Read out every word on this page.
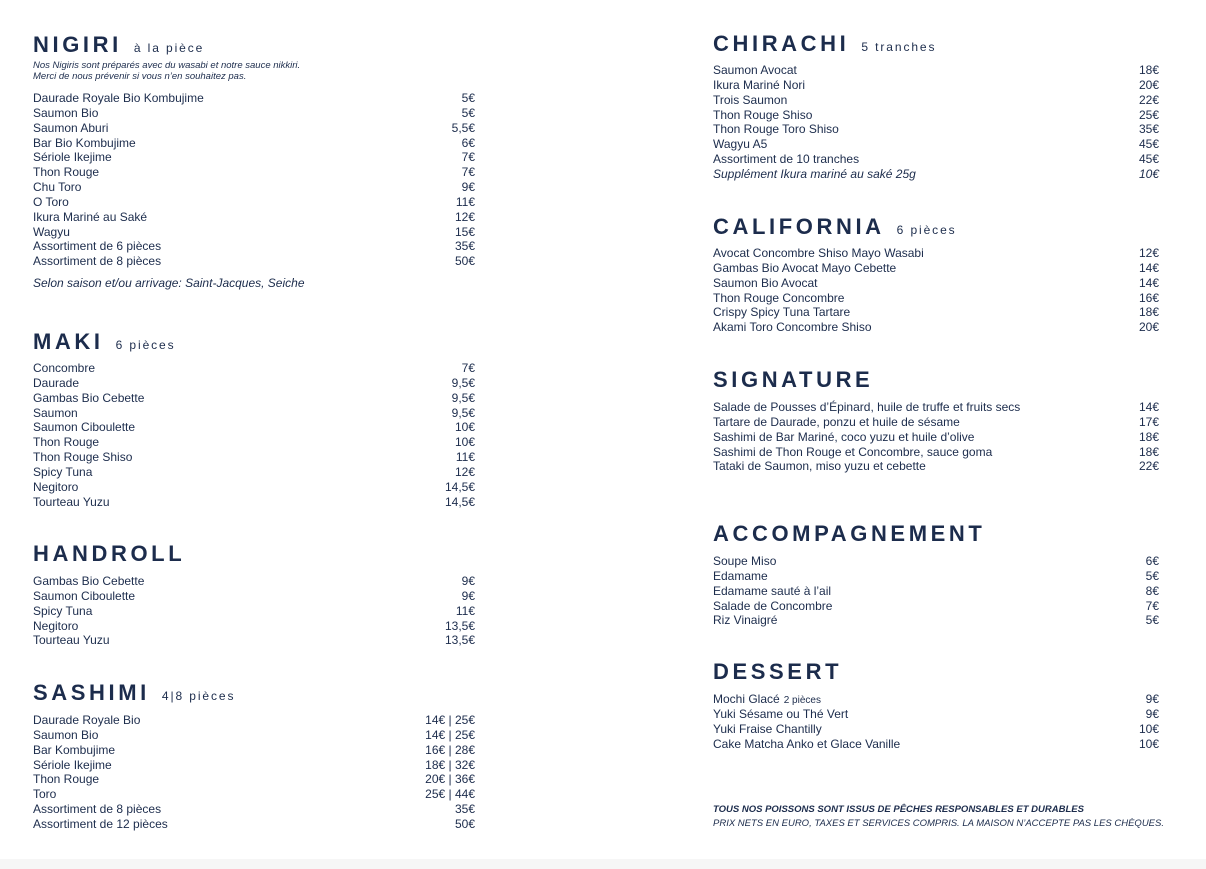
NIGIRI à la pièce
Nos Nigiris sont préparés avec du wasabi et notre sauce nikkiri.
Merci de nous prévenir si vous n’en souhaitez pas.
Daurade Royale Bio Kombujime	5€
Saumon Bio	5€
Saumon Aburi	5,5€
Bar Bio Kombujime	6€
Sériole Ikejime	7€
Thon Rouge	7€
Chu Toro	9€
O Toro	11€
Ikura Mariné au Saké	12€
Wagyu	15€
Assortiment de 6 pièces	35€
Assortiment de 8 pièces	50€
Selon saison et/ou arrivage: Saint-Jacques, Seiche
MAKI 6 pièces
Concombre	7€
Daurade	9,5€
Gambas Bio Cebette	9,5€
Saumon	9,5€
Saumon Ciboulette	10€
Thon Rouge	10€
Thon Rouge Shiso	11€
Spicy Tuna	12€
Negitoro	14,5€
Tourteau Yuzu	14,5€
HANDROLL
Gambas Bio Cebette	9€
Saumon Ciboulette	9€
Spicy Tuna	11€
Negitoro	13,5€
Tourteau Yuzu	13,5€
SASHIMI 4|8 pièces
Daurade Royale Bio	14€ | 25€
Saumon Bio	14€ | 25€
Bar Kombujime	16€ | 28€
Sériole Ikejime	18€ | 32€
Thon Rouge	20€ | 36€
Toro	25€ | 44€
Assortiment de 8 pièces	35€
Assortiment de 12 pièces	50€
CHIRACHI 5 tranches
Saumon Avocat	18€
Ikura Mariné Nori	20€
Trois Saumon	22€
Thon Rouge Shiso	25€
Thon Rouge Toro Shiso	35€
Wagyu A5	45€
Assortiment de 10 tranches	45€
Supplément Ikura mariné au saké 25g	10€
CALIFORNIA 6 pièces
Avocat Concombre Shiso Mayo Wasabi	12€
Gambas Bio Avocat Mayo Cebette	14€
Saumon Bio Avocat	14€
Thon Rouge Concombre	16€
Crispy Spicy Tuna Tartare	18€
Akami Toro Concombre Shiso	20€
SIGNATURE
Salade de Pousses d’Épinard, huile de truffe et fruits secs	14€
Tartare de Daurade, ponzu et huile de sésame	17€
Sashimi de Bar Mariné, coco yuzu et huile d’olive	18€
Sashimi de Thon Rouge et Concombre, sauce goma	18€
Tataki de Saumon, miso yuzu et cebette	22€
ACCOMPAGNEMENT
Soupe Miso	6€
Edamame	5€
Edamame sauté à l’ail	8€
Salade de Concombre	7€
Riz Vinaigré	5€
DESSERT
Mochi Glacé 2 pièces	9€
Yuki Sésame ou Thé Vert	9€
Yuki Fraise Chantilly	10€
Cake Matcha Anko et Glace Vanille	10€
TOUS NOS POISSONS SONT ISSUS DE PÊCHES RESPONSABLES ET DURABLES
PRIX NETS EN EURO, TAXES ET SERVICES COMPRIS. LA MAISON N’ACCEPTE PAS LES CHÈQUES.
